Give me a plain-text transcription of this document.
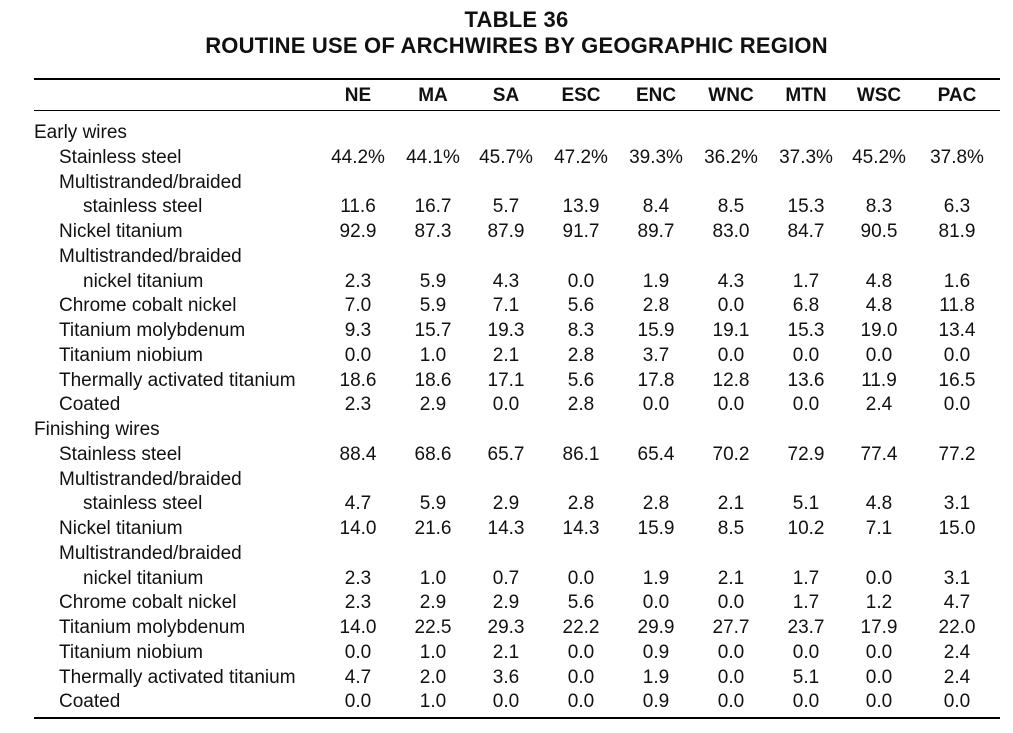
TABLE 36
ROUTINE USE OF ARCHWIRES BY GEOGRAPHIC REGION
NE	MA	SA	ESC	ENC	WNC	MTN	WSC	PAC
Early wires
Stainless steel	44.2%	44.1%	45.7%	47.2%	39.3%	36.2%	37.3%	45.2%	37.8%
Multistranded/braided
stainless steel	11.6	16.7	5.7	13.9	8.4	8.5	15.3	8.3	6.3
Nickel titanium	92.9	87.3	87.9	91.7	89.7	83.0	84.7	90.5	81.9
Multistranded/braided
nickel titanium	2.3	5.9	4.3	0.0	1.9	4.3	1.7	4.8	1.6
Chrome cobalt nickel	7.0	5.9	7.1	5.6	2.8	0.0	6.8	4.8	11.8
Titanium molybdenum	9.3	15.7	19.3	8.3	15.9	19.1	15.3	19.0	13.4
Titanium niobium	0.0	1.0	2.1	2.8	3.7	0.0	0.0	0.0	0.0
Thermally activated titanium	18.6	18.6	17.1	5.6	17.8	12.8	13.6	11.9	16.5
Coated	2.3	2.9	0.0	2.8	0.0	0.0	0.0	2.4	0.0
Finishing wires
Stainless steel	88.4	68.6	65.7	86.1	65.4	70.2	72.9	77.4	77.2
Multistranded/braided
stainless steel	4.7	5.9	2.9	2.8	2.8	2.1	5.1	4.8	3.1
Nickel titanium	14.0	21.6	14.3	14.3	15.9	8.5	10.2	7.1	15.0
Multistranded/braided
nickel titanium	2.3	1.0	0.7	0.0	1.9	2.1	1.7	0.0	3.1
Chrome cobalt nickel	2.3	2.9	2.9	5.6	0.0	0.0	1.7	1.2	4.7
Titanium molybdenum	14.0	22.5	29.3	22.2	29.9	27.7	23.7	17.9	22.0
Titanium niobium	0.0	1.0	2.1	0.0	0.9	0.0	0.0	0.0	2.4
Thermally activated titanium	4.7	2.0	3.6	0.0	1.9	0.0	5.1	0.0	2.4
Coated	0.0	1.0	0.0	0.0	0.9	0.0	0.0	0.0	0.0
